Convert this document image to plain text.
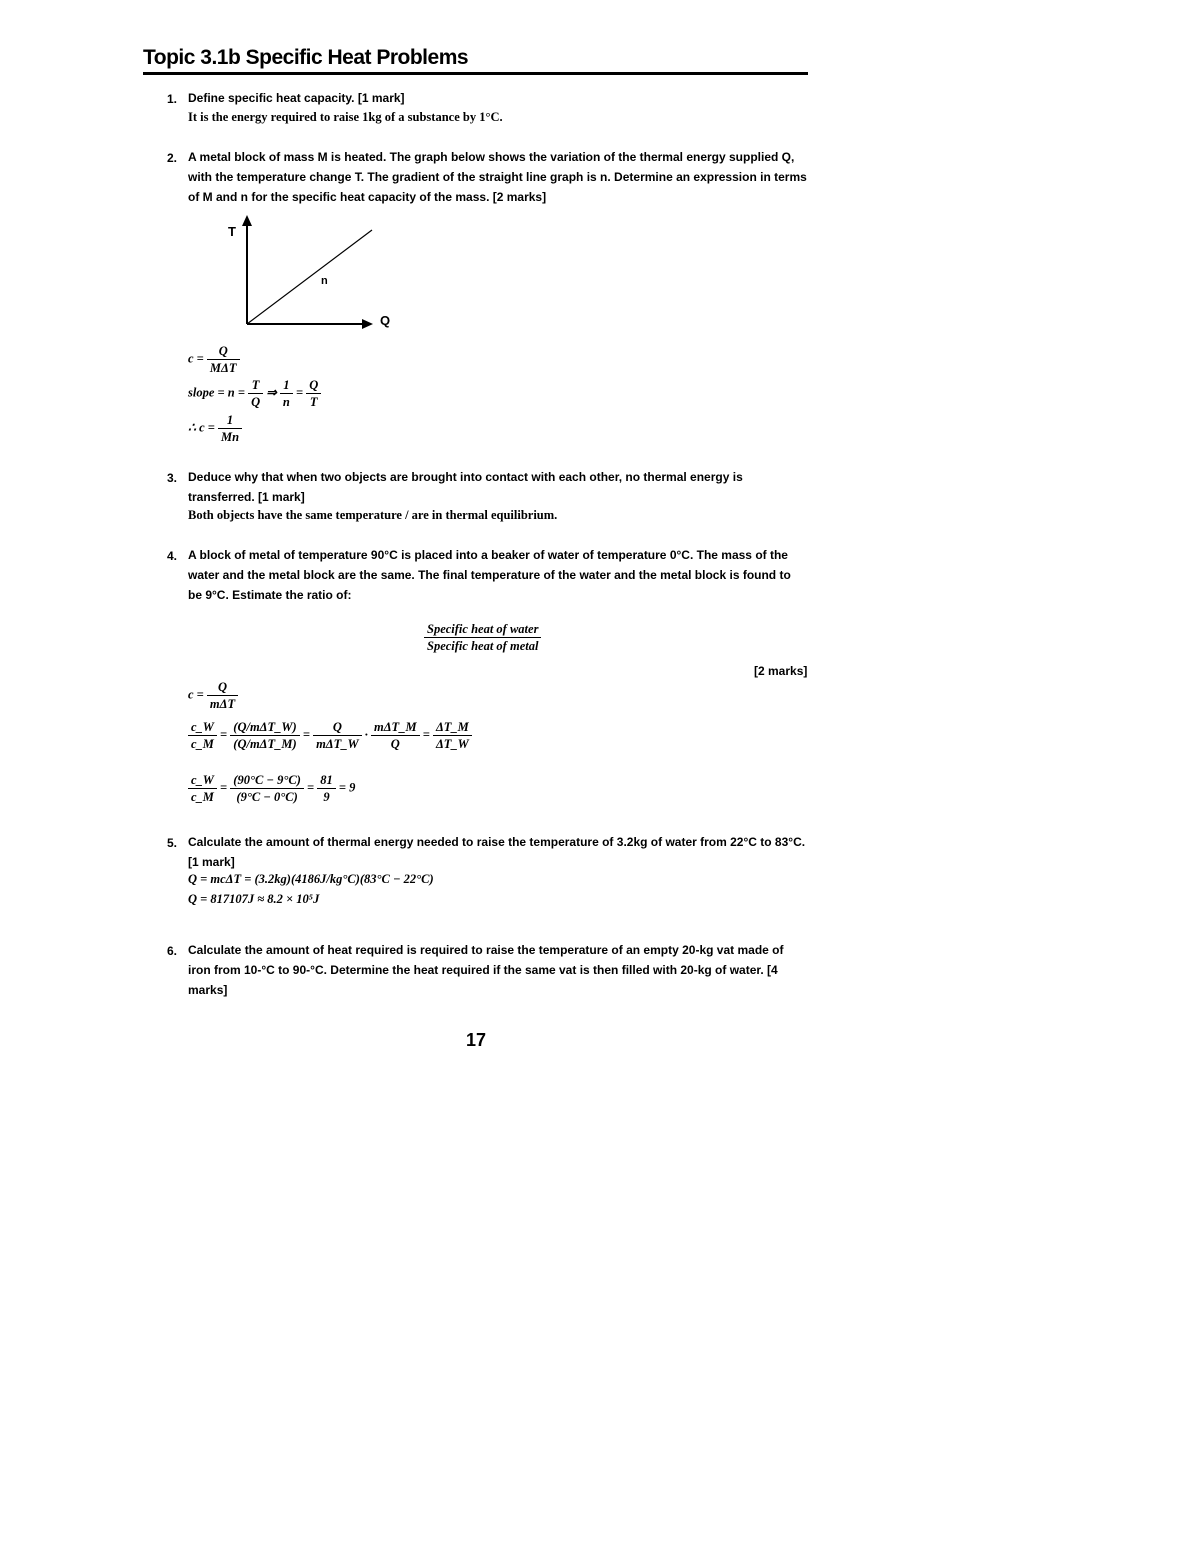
Topic 3.1b Specific Heat Problems
1. Define specific heat capacity. [1 mark]
It is the energy required to raise 1kg of a substance by 1°C.
2. A metal block of mass M is heated. The graph below shows the variation of the thermal energy supplied Q, with the temperature change T. The gradient of the straight line graph is n. Determine an expression in terms of M and n for the specific heat capacity of the mass. [2 marks]
T
Q
n
$c = \frac{Q}{\text{MΔT}}$
slope = $n = \frac{T}{Q}$ ⇒ $\frac{1}{n} = \frac{Q}{T}$
∴ $c = \frac{1}{Mn}$
3. Deduce why that when two objects are brought into contact with each other, no thermal energy is transferred. [1 mark]
Both objects have the same temperature / are in thermal equilibrium.
4. A block of metal of temperature 90°C is placed into a beaker of water of temperature 0°C. The mass of the water and the metal block are the same. The final temperature of the water and the metal block is found to be 9°C. Estimate the ratio of:
$\frac{\text{Specific heat of water}}{\text{Specific heat of metal}}$
[2 marks]
$c = \frac{Q}{\text{mΔT}}$
$\frac{c\_W}{c\_M} = \frac{\text{(Q/mΔT\_W)}}{\text{(Q/mΔT\_M)}} = \frac{Q}{\text{mΔT\_W}} \cdot \frac{\text{mΔT\_M}}{Q} = \frac{\Delta T\_M}{\Delta T\_W}$
$\frac{c\_W}{c\_M} = \frac{(90^\circ C - 9^\circ C)}{(9^\circ C - 0^\circ C)} = \frac{81}{9} = 9$
5. Calculate the amount of thermal energy needed to raise the temperature of 3.2kg of water from 22°C to 83°C. [1 mark]
Q = mcΔT = (3.2kg)(4186J/kg°C)(83°C − 22°C)
Q = 817107J ≈ 8.2 × 10⁵J
6. Calculate the amount of heat required is required to raise the temperature of an empty 20-kg vat made of iron from 10-°C to 90-°C. Determine the heat required if the same vat is then filled with 20-kg of water. [4 marks]
17
